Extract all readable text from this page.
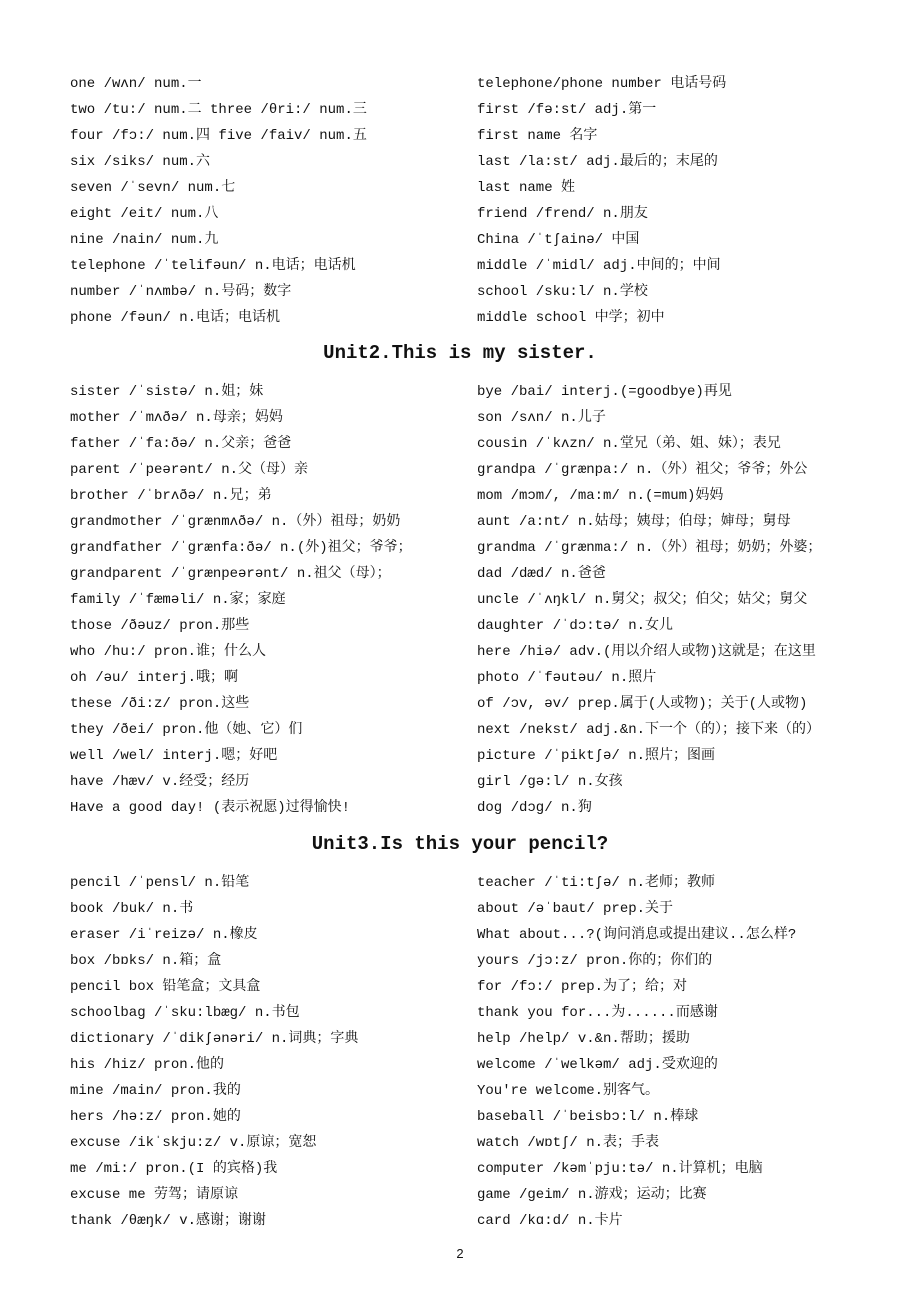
one /wʌn/ num.一
two /tu:/ num.二 three /θri:/ num.三
four /fɔ:/ num.四 five /faiv/ num.五
six /siks/ num.六
seven /ˈsevn/ num.七
eight /eit/ num.八
nine /nain/ num.九
telephone /ˈtelifəun/ n.电话；电话机
number /ˈnʌmbə/ n.号码；数字
phone /fəun/ n.电话；电话机
telephone/phone number 电话号码
first /fə:st/ adj.第一
first name 名字
last /la:st/ adj.最后的；末尾的
last name 姓
friend /frend/ n.朋友
China /ˈtʃainə/ 中国
middle /ˈmidl/ adj.中间的；中间
school /sku:l/ n.学校
middle school 中学；初中
Unit2.This is my sister.
sister /ˈsistə/ n.姐；妹
mother /ˈmʌðə/ n.母亲；妈妈
father /ˈfa:ðə/ n.父亲；爸爸
parent /ˈpeərənt/ n.父（母）亲
brother /ˈbrʌðə/ n.兄；弟
grandmother /ˈgrænmʌðə/ n.（外）祖母；奶奶
grandfather /ˈgrænfa:ðə/ n.(外)祖父；爷爷；
grandparent /ˈgrænpeərənt/ n.祖父（母）；
family /ˈfæməli/ n.家；家庭
those /ðəuz/ pron.那些
who /hu:/ pron.谁；什么人
oh /əu/ interj.哦；啊
these /ði:z/ pron.这些
they /ðei/ pron.他（她、它）们
well /wel/ interj.嗯；好吧
have /hæv/ v.经受；经历
Have a good day! (表示祝愿)过得愉快!
bye /bai/ interj.(=goodbye)再见
son /sʌn/ n.儿子
cousin /ˈkʌzn/ n.堂兄（弟、姐、妹）；表兄
grandpa /ˈgrænpa:/ n.（外）祖父；爷爷；外公
mom /mɔm/, /ma:m/ n.(=mum)妈妈
aunt /a:nt/ n.姑母；姨母；伯母；婶母；舅母
grandma /ˈgrænma:/ n.（外）祖母；奶奶；外婆；
dad /dæd/ n.爸爸
uncle /ˈʌŋkl/ n.舅父；叔父；伯父；姑父；舅父
daughter /ˈdɔ:tə/ n.女儿
here /hiə/ adv.(用以介绍人或物)这就是；在这里
photo /ˈfəutəu/ n.照片
of /ɔv, əv/ prep.属于(人或物)；关于(人或物)
next /nekst/ adj.&n.下一个（的）；接下来（的）
picture /ˈpiktʃə/ n.照片；图画
girl /gə:l/ n.女孩
dog /dɔg/ n.狗
Unit3.Is this your pencil?
pencil /ˈpensl/ n.铅笔
book /buk/ n.书
eraser /iˈreizə/ n.橡皮
box /bɒks/ n.箱；盒
pencil box 铅笔盒；文具盒
schoolbag /ˈsku:lbæg/ n.书包
dictionary /ˈdikʃənəri/ n.词典；字典
his /hiz/ pron.他的
mine /main/ pron.我的
hers /hə:z/ pron.她的
excuse /ikˈskju:z/ v.原谅；宽恕
me /mi:/ pron.(I 的宾格)我
excuse me 劳驾；请原谅
thank /θæŋk/ v.感谢；谢谢
teacher /ˈti:tʃə/ n.老师；教师
about /əˈbaut/ prep.关于
What about...?(询问消息或提出建议..怎么样?
yours /jɔ:z/ pron.你的；你们的
for /fɔ:/ prep.为了；给；对
thank you for...为......而感谢
help /help/ v.&n.帮助；援助
welcome /ˈwelkəm/ adj.受欢迎的
You're welcome.别客气。
baseball /ˈbeisbɔ:l/ n.棒球
watch /wɒtʃ/ n.表；手表
computer /kəmˈpju:tə/ n.计算机；电脑
game /geim/ n.游戏；运动；比赛
card /kɑ:d/ n.卡片
2
